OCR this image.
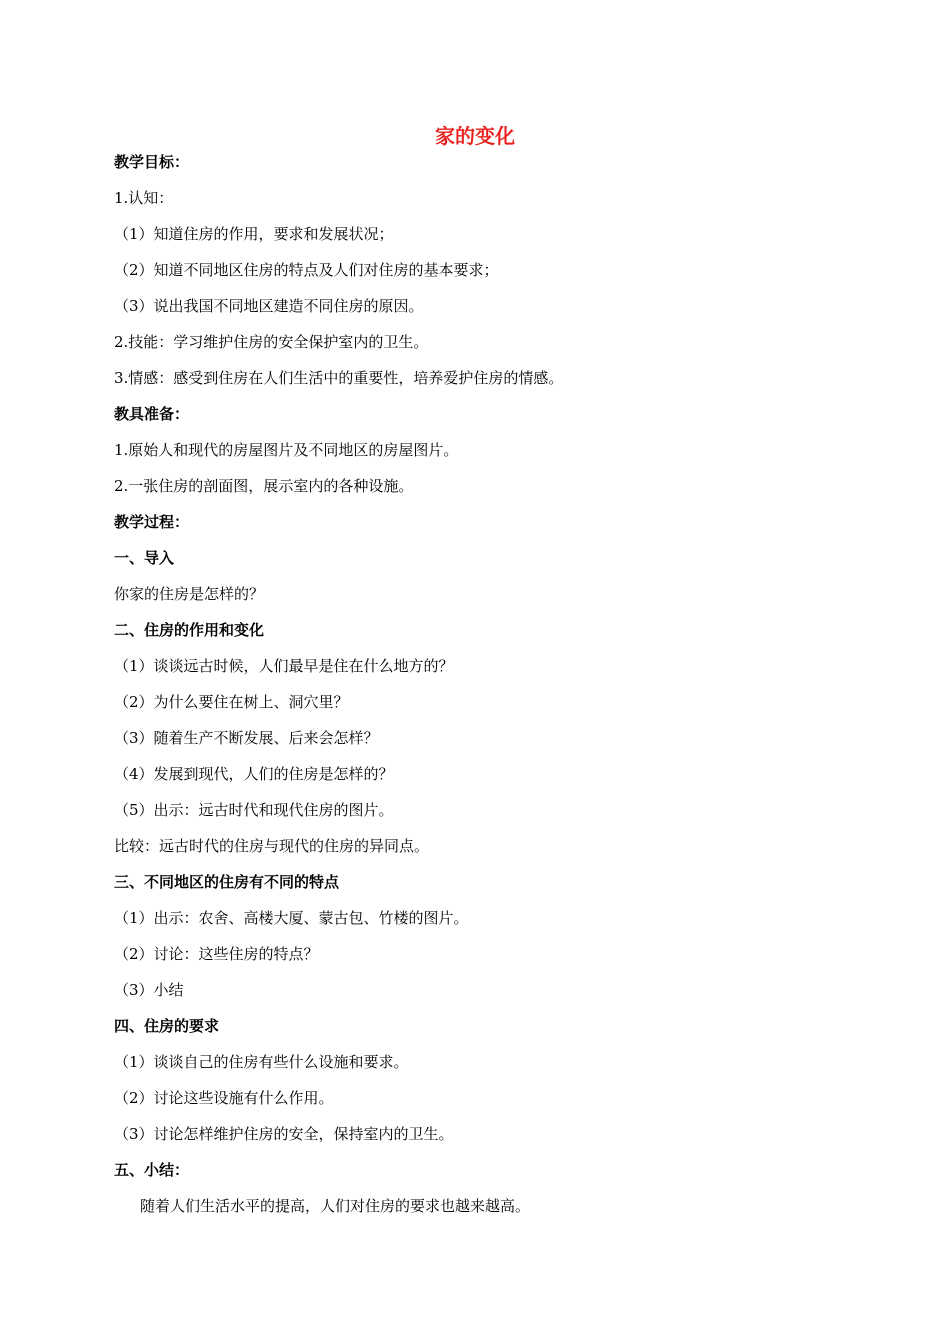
家的变化
教学目标：
1.认知：
（1）知道住房的作用，要求和发展状况；
（2）知道不同地区住房的特点及人们对住房的基本要求；
（3）说出我国不同地区建造不同住房的原因。
2.技能：学习维护住房的安全保护室内的卫生。
3.情感：感受到住房在人们生活中的重要性，培养爱护住房的情感。
教具准备：
1.原始人和现代的房屋图片及不同地区的房屋图片。
2.一张住房的剖面图，展示室内的各种设施。
教学过程：
一、导入
你家的住房是怎样的？
二、住房的作用和变化
（1）谈谈远古时候，人们最早是住在什么地方的？
（2）为什么要住在树上、洞穴里？
（3）随着生产不断发展、后来会怎样？
（4）发展到现代，人们的住房是怎样的？
（5）出示：远古时代和现代住房的图片。
比较：远古时代的住房与现代的住房的异同点。
三、不同地区的住房有不同的特点
（1）出示：农舍、高楼大厦、蒙古包、竹楼的图片。
（2）讨论：这些住房的特点？
（3）小结
四、住房的要求
（1）谈谈自己的住房有些什么设施和要求。
（2）讨论这些设施有什么作用。
（3）讨论怎样维护住房的安全，保持室内的卫生。
五、小结：
随着人们生活水平的提高，人们对住房的要求也越来越高。
